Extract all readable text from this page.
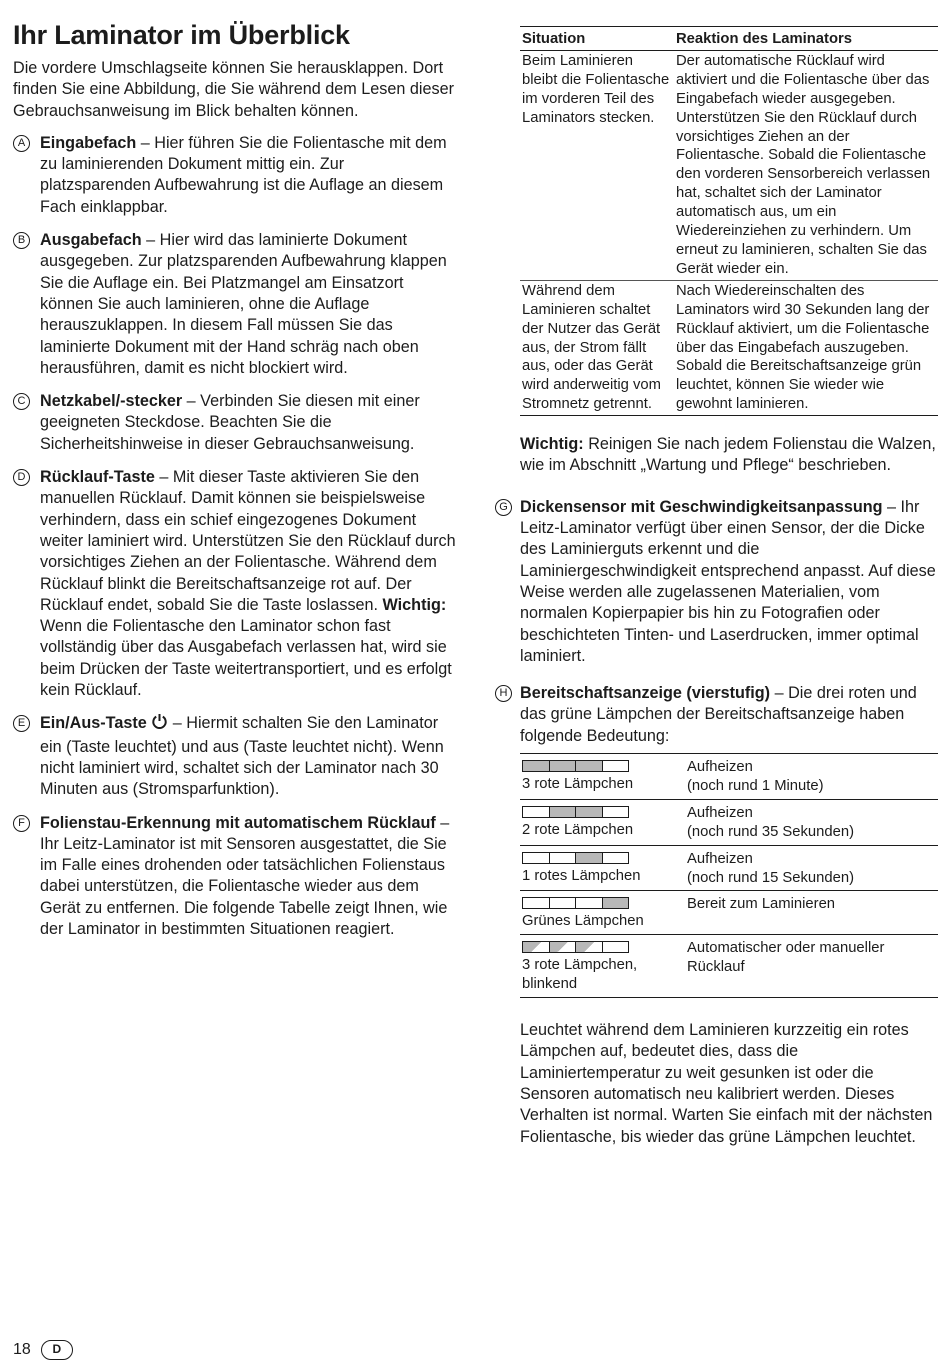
Ihr Laminator im Überblick

Die vordere Umschlagseite können Sie herausklappen. Dort finden Sie eine Abbildung, die Sie während dem Lesen dieser Gebrauchsanweisung im Blick behalten können.

A Eingabefach – Hier führen Sie die Folientasche mit dem zu laminierenden Dokument mittig ein. Zur platzsparenden Aufbewahrung ist die Auflage an diesem Fach einklappbar.
B Ausgabefach – Hier wird das laminierte Dokument ausgegeben. Zur platzsparenden Aufbewahrung klappen Sie die Auflage ein. Bei Platzmangel am Einsatzort können Sie auch laminieren, ohne die Auflage herauszuklappen. In diesem Fall müssen Sie das laminierte Dokument mit der Hand schräg nach oben herausführen, damit es nicht blockiert wird.
C Netzkabel/-stecker – Verbinden Sie diesen mit einer geeigneten Steckdose. Beachten Sie die Sicherheitshinweise in dieser Gebrauchsanweisung.
D Rücklauf-Taste – Mit dieser Taste aktivieren Sie den manuellen Rücklauf. Damit können sie beispielsweise verhindern, dass ein schief eingezogenes Dokument weiter laminiert wird. Unterstützen Sie den Rücklauf durch vorsichtiges Ziehen an der Folientasche. Während dem Rücklauf blinkt die Bereitschaftsanzeige rot auf. Der Rücklauf endet, sobald Sie die Taste loslassen. Wichtig: Wenn die Folientasche den Laminator schon fast vollständig über das Ausgabefach verlassen hat, wird sie beim Drücken der Taste weitertransportiert, und es erfolgt kein Rücklauf.
E Ein/Aus-Taste  – Hiermit schalten Sie den Laminator ein (Taste leuchtet) und aus (Taste leuchtet nicht). Wenn nicht laminiert wird, schaltet sich der Laminator nach 30 Minuten aus (Stromsparfunktion).
F Folienstau-Erkennung mit automatischem Rücklauf – Ihr Leitz-Laminator ist mit Sensoren ausgestattet, die Sie im Falle eines drohenden oder tatsächlichen Folienstaus dabei unterstützen, die Folientasche wieder aus dem Gerät zu entfernen. Die folgende Tabelle zeigt Ihnen, wie der Laminator in bestimmten Situationen reagiert.
Situation	Reaktion des Laminators
Beim Laminieren bleibt die Folientasche im vorderen Teil des Laminators stecken.	Der automatische Rücklauf wird aktiviert und die Folientasche über das Eingabefach wieder ausgegeben. Unterstützen Sie den Rücklauf durch vorsichtiges Ziehen an der Folientasche. Sobald die Folientasche den vorderen Sensorbereich verlassen hat, schaltet sich der Laminator automatisch aus, um ein Wiedereinziehen zu verhindern. Um erneut zu laminieren, schalten Sie das Gerät wieder ein.
Während dem Laminieren schaltet der Nutzer das Gerät aus, der Strom fällt aus, oder das Gerät wird anderweitig vom Stromnetz getrennt.	Nach Wiedereinschalten des Laminators wird 30 Sekunden lang der Rücklauf aktiviert, um die Folientasche über das Eingabefach auszugeben. Sobald die Bereitschaftsanzeige grün leuchtet, können Sie wieder wie gewohnt laminieren.

Wichtig: Reinigen Sie nach jedem Folienstau die Walzen, wie im Abschnitt „Wartung und Pflege“ beschrieben.

G Dickensensor mit Geschwindigkeitsanpassung – Ihr Leitz-Laminator verfügt über einen Sensor, der die Dicke des Laminierguts erkennt und die Laminiergeschwindigkeit entsprechend anpasst. Auf diese Weise werden alle zugelassenen Materialien, vom normalen Kopierpapier bis hin zu Fotografien oder beschichteten Tinten- und Laserdrucken, immer optimal laminiert.
H Bereitschaftsanzeige (vierstufig) – Die drei roten und das grüne Lämpchen der Bereitschaftsanzeige haben folgende Bedeutung:
3 rote Lämpchen	Aufheizen
(noch rund 1 Minute)

2 rote Lämpchen	Aufheizen
(noch rund 35 Sekunden)

1 rotes Lämpchen	Aufheizen
(noch rund 15 Sekunden)

Grünes Lämpchen	Bereit zum Laminieren

3 rote Lämpchen, blinkend	Automatischer oder manueller Rücklauf

Leuchtet während dem Laminieren kurzzeitig ein rotes Lämpchen auf, bedeutet dies, dass die Laminiertemperatur zu weit gesunken ist oder die Sensoren automatisch neu kalibriert werden. Dieses Verhalten ist normal. Warten Sie einfach mit der nächsten Folientasche, bis wieder das grüne Lämpchen leuchtet.

18	D
